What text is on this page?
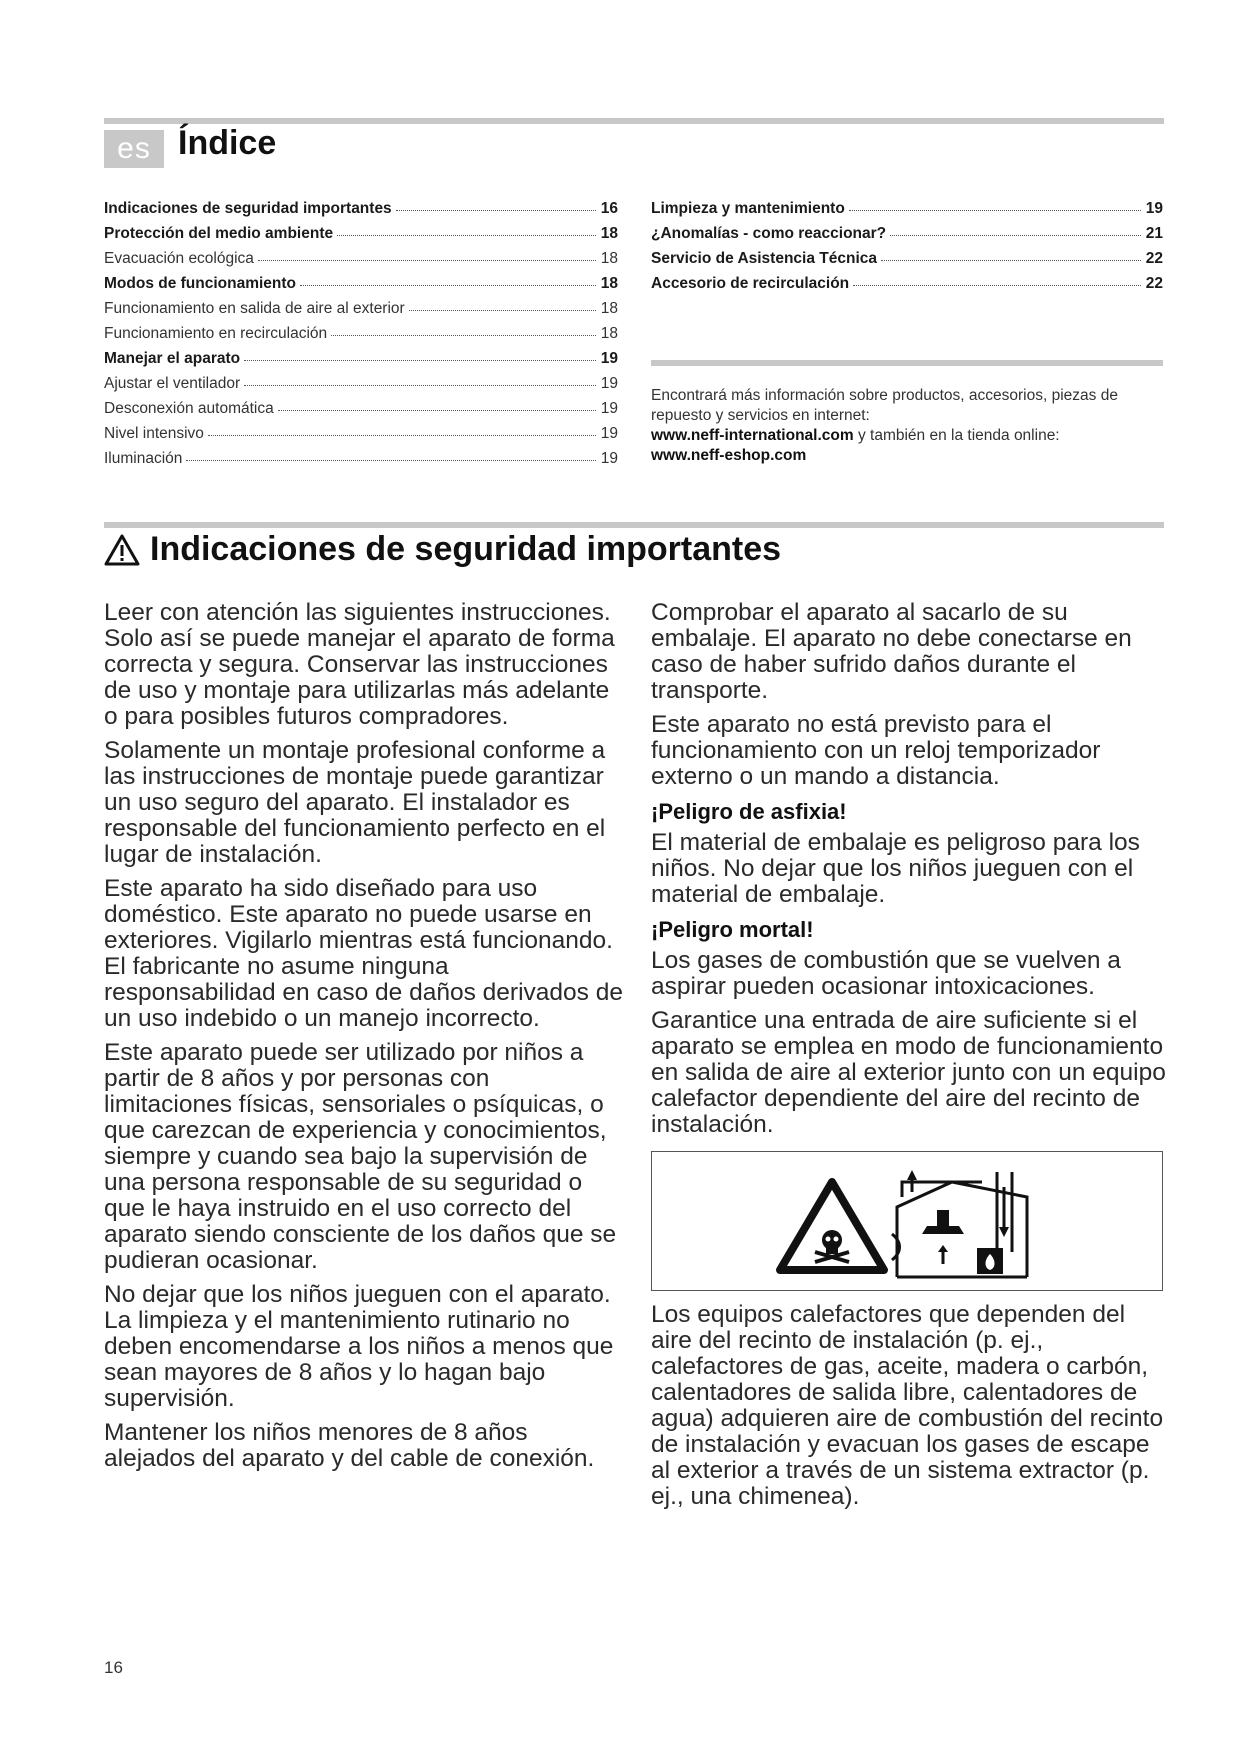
es Índice
Indicaciones de seguridad importantes	16
Protección del medio ambiente	18
Evacuación ecológica	18
Modos de funcionamiento	18
Funcionamiento en salida de aire al exterior	18
Funcionamiento en recirculación	18
Manejar el aparato	19
Ajustar el ventilador	19
Desconexión automática	19
Nivel intensivo	19
Iluminación	19
Limpieza y mantenimiento	19
¿Anomalías - como reaccionar?	21
Servicio de Asistencia Técnica	22
Accesorio de recirculación	22
Encontrará más información sobre productos, accesorios, piezas de repuesto y servicios en internet:
www.neff-international.com y también en la tienda online:
www.neff-eshop.com
Indicaciones de seguridad importantes

Leer con atención las siguientes instrucciones. Solo así se puede manejar el aparato de forma correcta y segura. Conservar las instrucciones de uso y montaje para utilizarlas más adelante o para posibles futuros compradores.

Solamente un montaje profesional conforme a las instrucciones de montaje puede garantizar un uso seguro del aparato. El instalador es responsable del funcionamiento perfecto en el lugar de instalación.

Este aparato ha sido diseñado para uso doméstico. Este aparato no puede usarse en exteriores. Vigilarlo mientras está funcionando. El fabricante no asume ninguna responsabilidad en caso de daños derivados de un uso indebido o un manejo incorrecto.

Este aparato puede ser utilizado por niños a partir de 8 años y por personas con limitaciones físicas, sensoriales o psíquicas, o que carezcan de experiencia y conocimientos, siempre y cuando sea bajo la supervisión de una persona responsable de su seguridad o que le haya instruido en el uso correcto del aparato siendo consciente de los daños que se pudieran ocasionar.

No dejar que los niños jueguen con el aparato. La limpieza y el mantenimiento rutinario no deben encomendarse a los niños a menos que sean mayores de 8 años y lo hagan bajo supervisión.

Mantener los niños menores de 8 años alejados del aparato y del cable de conexión.

Comprobar el aparato al sacarlo de su embalaje. El aparato no debe conectarse en caso de haber sufrido daños durante el transporte.

Este aparato no está previsto para el funcionamiento con un reloj temporizador externo o un mando a distancia.

¡Peligro de asfixia!

El material de embalaje es peligroso para los niños. No dejar que los niños jueguen con el material de embalaje.

¡Peligro mortal!

Los gases de combustión que se vuelven a aspirar pueden ocasionar intoxicaciones.

Garantice una entrada de aire suficiente si el aparato se emplea en modo de funcionamiento en salida de aire al exterior junto con un equipo calefactor dependiente del aire del recinto de instalación.

Los equipos calefactores que dependen del aire del recinto de instalación (p. ej., calefactores de gas, aceite, madera o carbón, calentadores de salida libre, calentadores de agua) adquieren aire de combustión del recinto de instalación y evacuan los gases de escape al exterior a través de un sistema extractor (p. ej., una chimenea).

16
